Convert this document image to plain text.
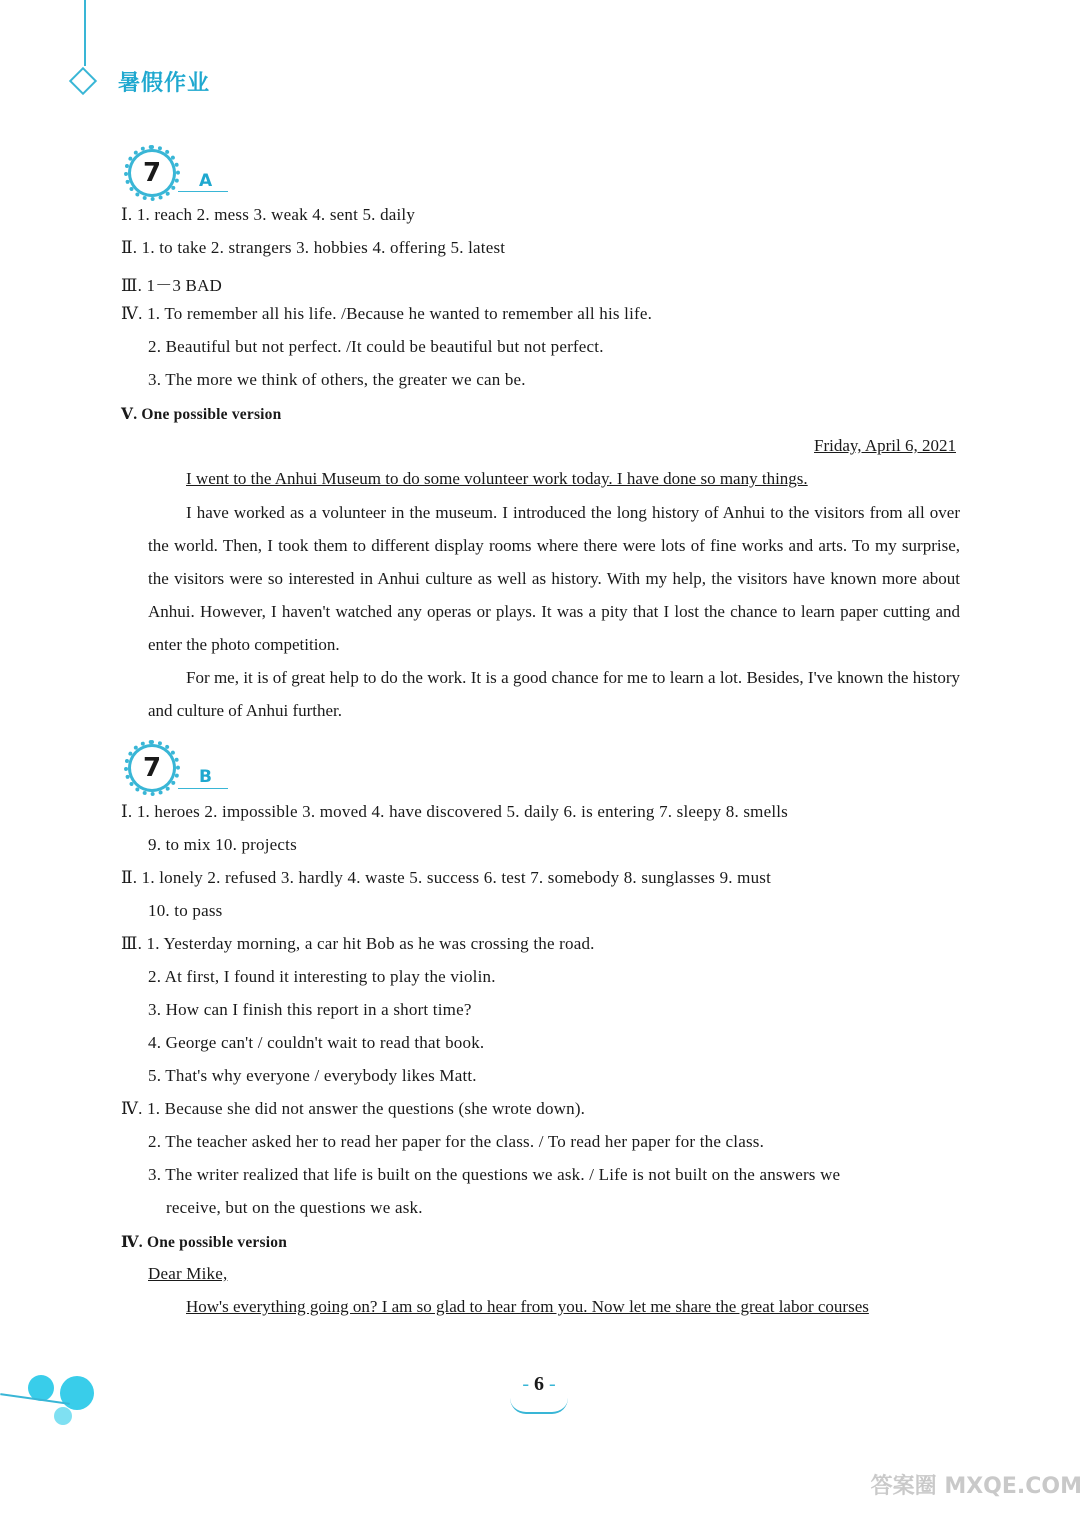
暑假作业
7	A
Ⅰ. 1. reach 2. mess 3. weak 4. sent 5. daily
Ⅱ. 1. to take 2. strangers 3. hobbies 4. offering 5. latest
Ⅲ. 1－3 BAD
Ⅳ. 1. To remember all his life. /Because he wanted to remember all his life.
2. Beautiful but not perfect. /It could be beautiful but not perfect.
3. The more we think of others, the greater we can be.
Ⅴ. One possible version
Friday, April 6, 2021
I went to the Anhui Museum to do some volunteer work today. I have done so many things.
I have worked as a volunteer in the museum. I introduced the long history of Anhui to the visitors from all over the world. Then, I took them to different display rooms where there were lots of fine works and arts. To my surprise, the visitors were so interested in Anhui culture as well as history. With my help, the visitors have known more about Anhui. However, I haven't watched any operas or plays. It was a pity that I lost the chance to learn paper cutting and enter the photo competition.
For me, it is of great help to do the work. It is a good chance for me to learn a lot. Besides, I've known the history and culture of Anhui further.
7	B
Ⅰ. 1. heroes 2. impossible 3. moved 4. have discovered 5. daily 6. is entering 7. sleepy 8. smells
9. to mix 10. projects
Ⅱ. 1. lonely 2. refused 3. hardly 4. waste 5. success 6. test 7. somebody 8. sunglasses 9. must
10. to pass
Ⅲ. 1. Yesterday morning, a car hit Bob as he was crossing the road.
2. At first, I found it interesting to play the violin.
3. How can I finish this report in a short time?
4. George can't / couldn't wait to read that book.
5. That's why everyone / everybody likes Matt.
Ⅳ. 1. Because she did not answer the questions (she wrote down).
2. The teacher asked her to read her paper for the class. / To read her paper for the class.
3. The writer realized that life is built on the questions we ask. / Life is not built on the answers we
receive, but on the questions we ask.
Ⅳ. One possible version
Dear Mike,
How's everything going on? I am so glad to hear from you. Now let me share the great labor courses
- 6 -
答案圈 MXQE.COM
